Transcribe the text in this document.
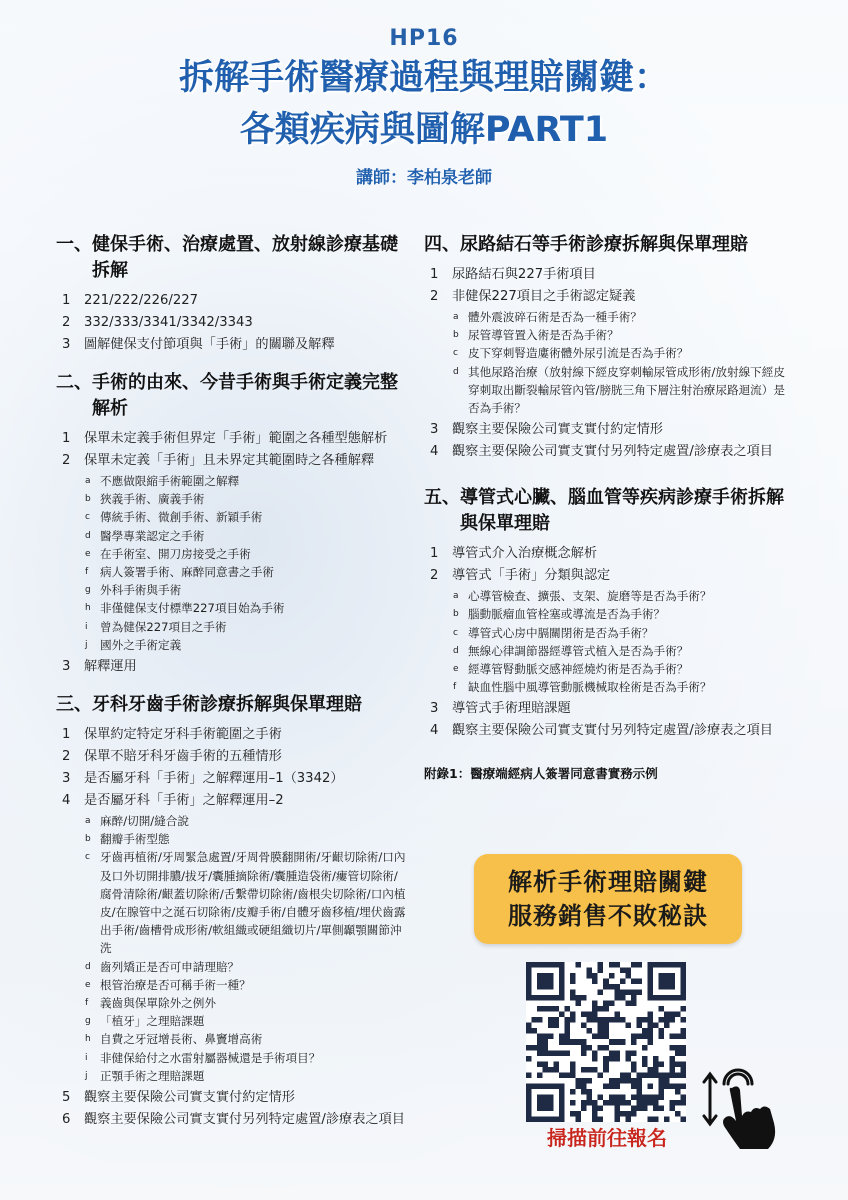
HP16
拆解手術醫療過程與理賠關鍵：
各類疾病與圖解PART1
講師：李柏泉老師
一、 健保手術、治療處置、放射線診療基礎拆解
1	221/222/226/227
2	332/333/3341/3342/3343
3	圖解健保支付節項與「手術」的關聯及解釋
二、 手術的由來、今昔手術與手術定義完整解析
1	保單未定義手術但界定「手術」範圍之各種型態解析
2	保單未定義「手術」且未界定其範圍時之各種解釋
a 不應做限縮手術範圍之解釋
b 狹義手術、廣義手術
c 傳統手術、微創手術、新穎手術
d 醫學專業認定之手術
e 在手術室、開刀房接受之手術
f	病人簽署手術、麻醉同意書之手術
g 外科手術與手術
h 非僅健保支付標準227項目始為手術
i	曾為健保227項目之手術
j	國外之手術定義
3	解釋運用
三、 牙科牙齒手術診療拆解與保單理賠
1	保單約定特定牙科手術範圍之手術
2	保單不賠牙科牙齒手術的五種情形
3	是否屬牙科「手術」之解釋運用–1（3342）
4	是否屬牙科「手術」之解釋運用–2
a 麻醉/切開/縫合說
b 翻瓣手術型態
c 牙齒再植術/牙周緊急處置/牙周骨膜翻開術/牙齦切除術/口內及口外切開排膿/拔牙/囊腫摘除術/囊腫造袋術/瘻管切除術/腐骨清除術/齦蓋切除術/舌繫帶切除術/齒根尖切除術/口內植皮/在腺管中之涎石切除術/皮瓣手術/自體牙齒移植/埋伏齒露出手術/齒槽骨成形術/軟組織或硬組織切片/單側顳顎關節沖洗
d 齒列矯正是否可申請理賠？
e 根管治療是否可稱手術一種？
f	義齒與保單除外之例外
g 「植牙」之理賠課題
h 自費之牙冠增長術、鼻竇增高術
i	非健保給付之水雷射屬器械還是手術項目？
j	正顎手術之理賠課題
5	觀察主要保險公司實支實付約定情形
6	觀察主要保險公司實支實付另列特定處置/診療表之項目
四、 尿路結石等手術診療拆解與保單理賠
1	尿路結石與227手術項目
2	非健保227項目之手術認定疑義
a 體外震波碎石術是否為一種手術？
b 尿管導管置入術是否為手術？
c 皮下穿刺腎造廔術體外尿引流是否為手術？
d 其他尿路治療（放射線下經皮穿刺輸尿管成形術/放射線下經皮穿刺取出斷裂輸尿管內管/膀胱三角下層注射治療尿路迴流）是否為手術？
3	觀察主要保險公司實支實付約定情形
4	觀察主要保險公司實支實付另列特定處置/診療表之項目
五、 導管式心臟、腦血管等疾病診療手術拆解與保單理賠
1	導管式介入治療概念解析
2	導管式「手術」分類與認定
a 心導管檢查、擴張、支架、旋磨等是否為手術？
b 腦動脈瘤血管栓塞或導流是否為手術？
c 導管式心房中膈關閉術是否為手術？
d 無線心律調節器經導管式植入是否為手術？
e 經導管腎動脈交感神經燒灼術是否為手術？
f	缺血性腦中風導管動脈機械取栓術是否為手術？
3	導管式手術理賠課題
4	觀察主要保險公司實支實付另列特定處置/診療表之項目
附錄1：醫療端經病人簽署同意書實務示例
解析手術理賠關鍵
服務銷售不敗秘訣
掃描前往報名
